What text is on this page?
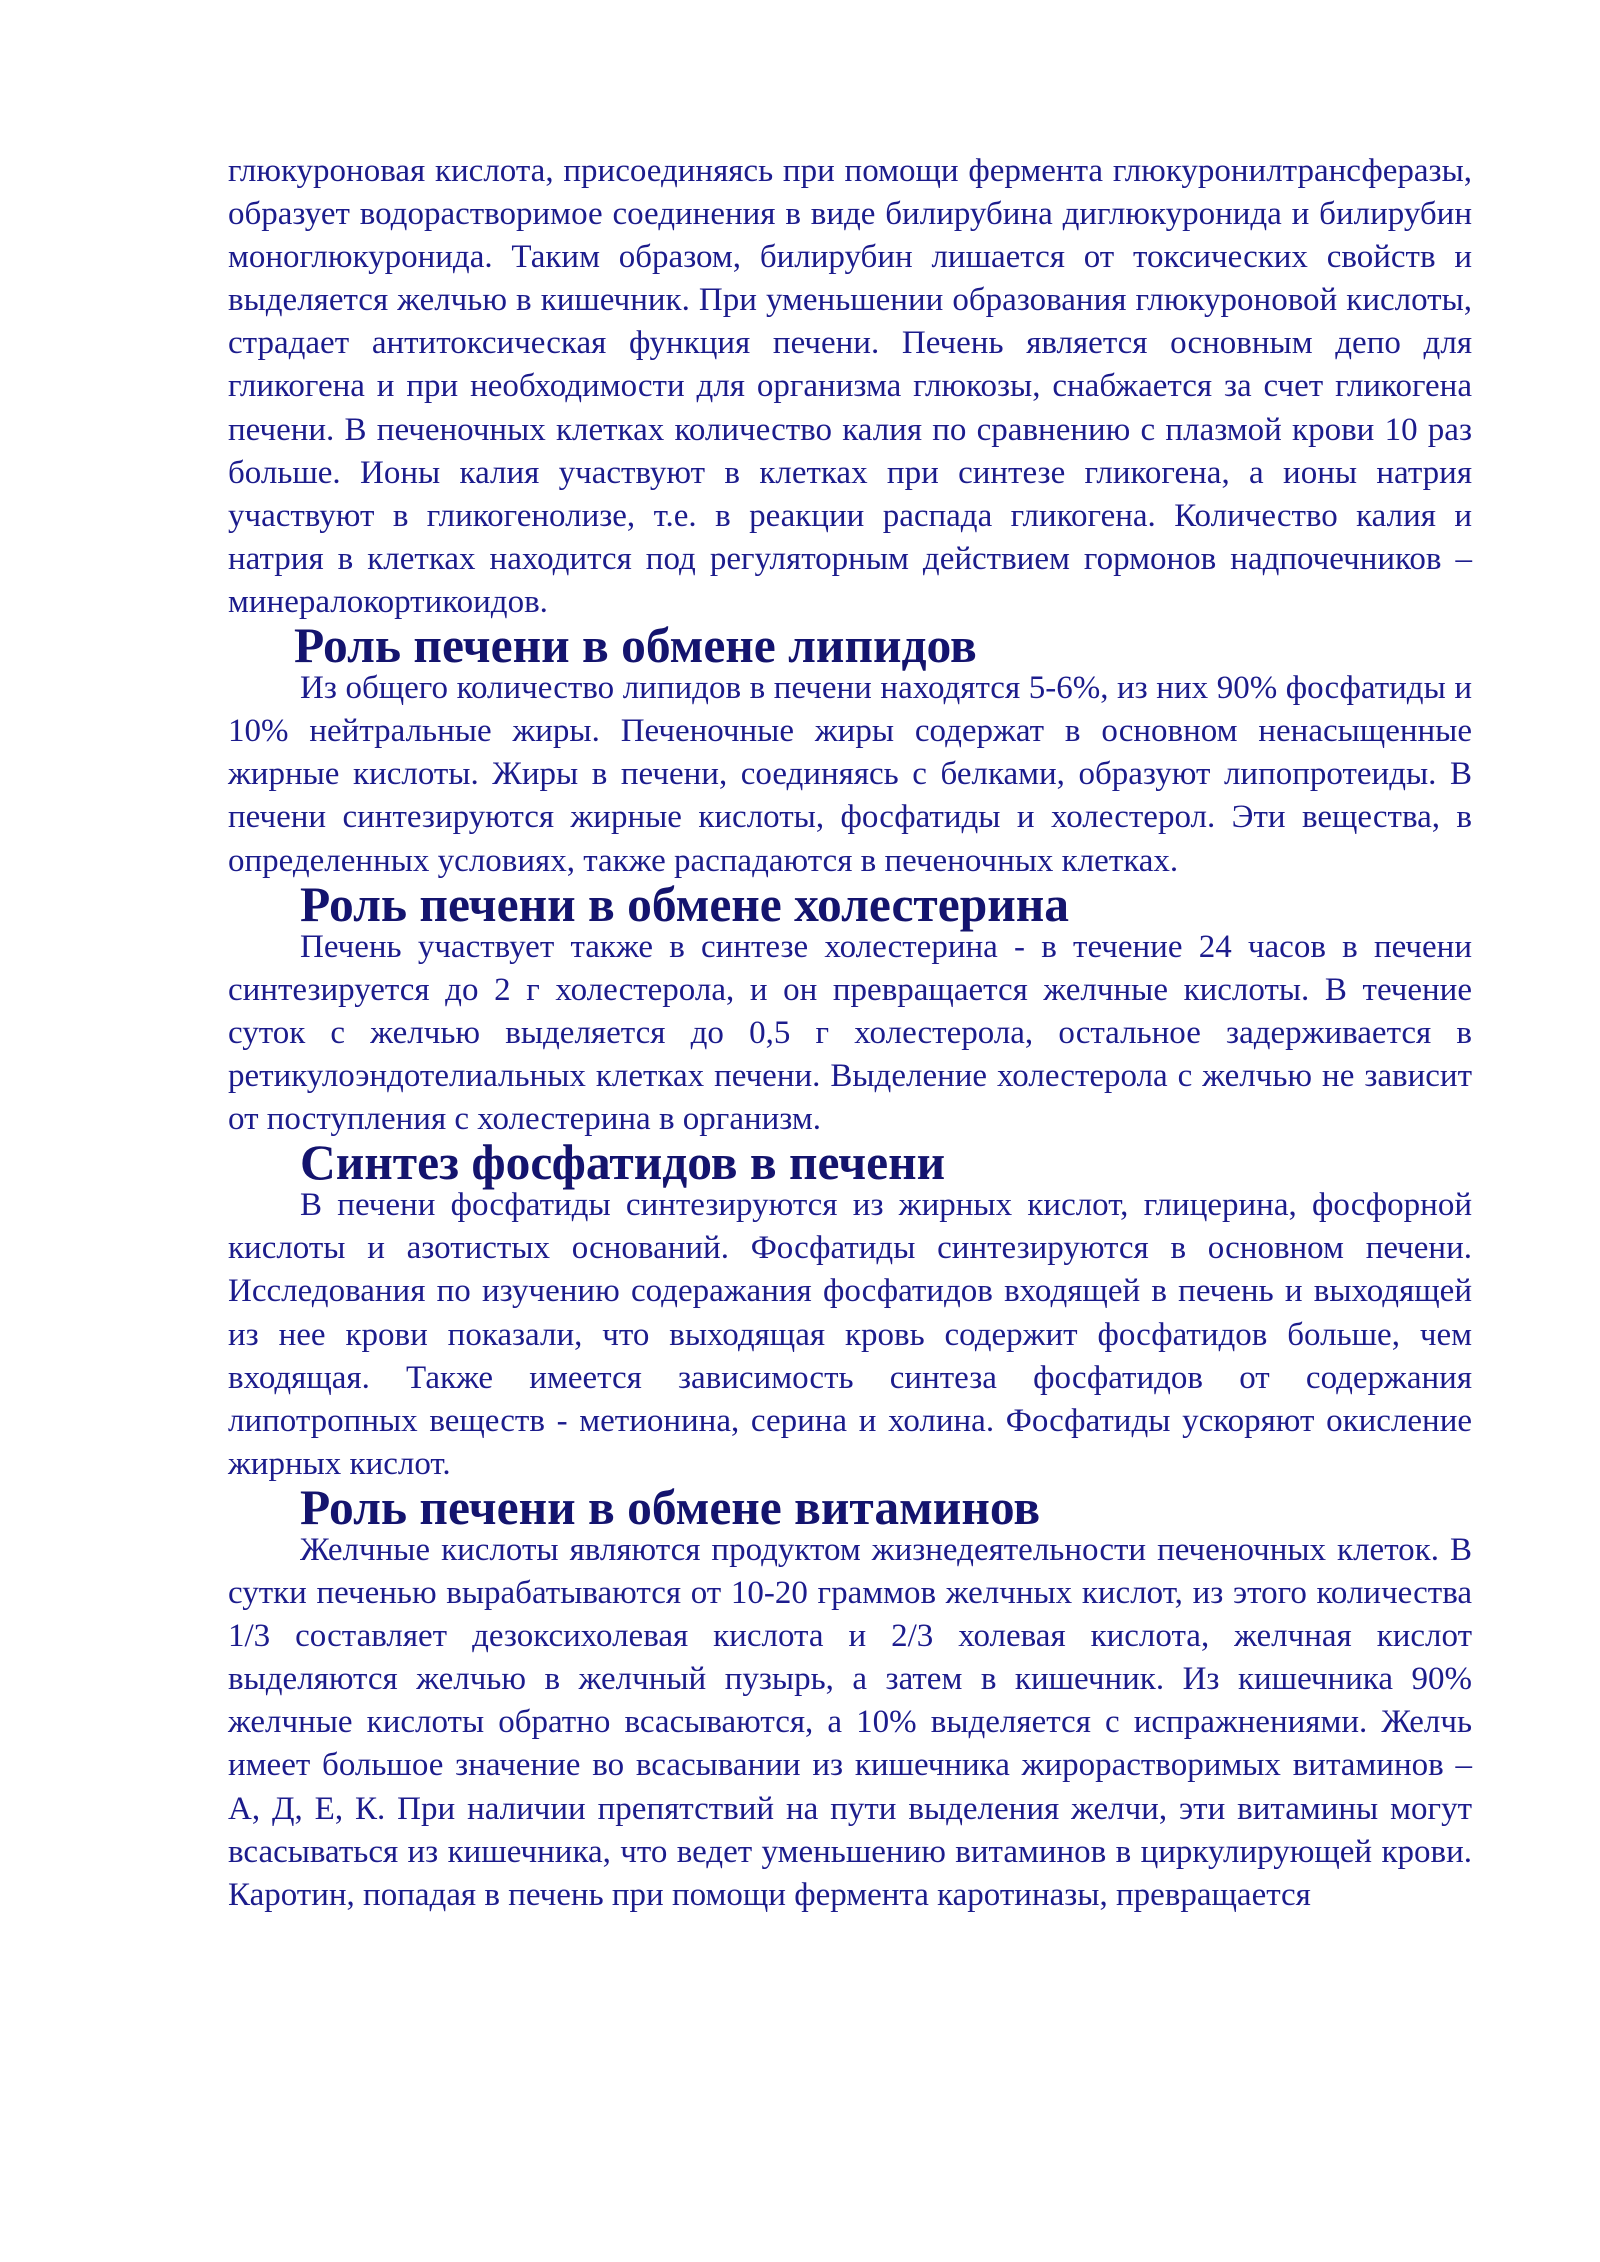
глюкуроновая кислота, присоединяясь при помощи фермента глюкуронилтрансферазы, образует водорастворимое соединения в виде билирубина диглюкуронида и билирубин моноглюкуронида. Таким образом, билирубин лишается от токсических свойств и выделяется желчью в кишечник. При уменьшении образования глюкуроновой кислоты, страдает антитоксическая функция печени. Печень является основным депо для гликогена и при необходимости для организма глюкозы, снабжается за счет гликогена печени. В печеночных клетках количество калия по сравнению с плазмой крови 10 раз больше. Ионы калия участвуют в клетках при синтезе гликогена, а ионы натрия участвуют в гликогенолизе, т.е. в реакции распада гликогена. Количество калия и натрия в клетках находится под регуляторным действием гормонов надпочечников – минералокортикоидов.

Роль печени в обмене липидов

Из общего количество липидов в печени находятся 5-6%, из них 90% фосфатиды и 10% нейтральные жиры. Печеночные жиры содержат в основном ненасыщенные жирные кислоты. Жиры в печени, соединяясь с белками, образуют липопротеиды. В печени синтезируются жирные кислоты, фосфатиды и холестерол. Эти вещества, в определенных условиях, также распадаются в печеночных клетках.

Роль печени в обмене холестерина

Печень участвует также в синтезе холестерина - в течение 24 часов в печени синтезируется до 2 г холестерола, и он превращается желчные кислоты. В течение суток с желчью выделяется до 0,5 г холестерола, остальное задерживается в ретикулоэндотелиальных клетках печени. Выделение холестерола с желчью не зависит от поступления с холестерина в организм.

Синтез фосфатидов в печени

В печени фосфатиды синтезируются из жирных кислот, глицерина, фосфорной кислоты и азотистых оснований. Фосфатиды синтезируются в основном печени. Исследования по изучению содеражания фосфатидов входящей в печень и выходящей из нее крови показали, что выходящая кровь содержит фосфатидов больше, чем входящая. Также имеется зависимость синтеза фосфатидов от содержания липотропных веществ - метионина, серина и холина. Фосфатиды ускоряют окисление жирных кислот.

Роль печени в обмене витаминов

Желчные кислоты являются продуктом жизнедеятельности печеночных клеток. В сутки печенью вырабатываются от 10-20 граммов желчных кислот, из этого количества 1/3 составляет дезоксихолевая кислота и 2/3 холевая кислота, желчная кислот выделяются желчью в желчный пузырь, а затем в кишечник. Из кишечника 90% желчные кислоты обратно всасываются, а 10% выделяется с испражнениями. Желчь имеет большое значение во всасывании из кишечника жирорастворимых витаминов – А, Д, Е, К. При наличии препятствий на пути выделения желчи, эти витамины могут всасываться из кишечника, что ведет уменьшению витаминов в циркулирующей крови. Каротин, попадая в печень при помощи фермента каротиназы, превращается
